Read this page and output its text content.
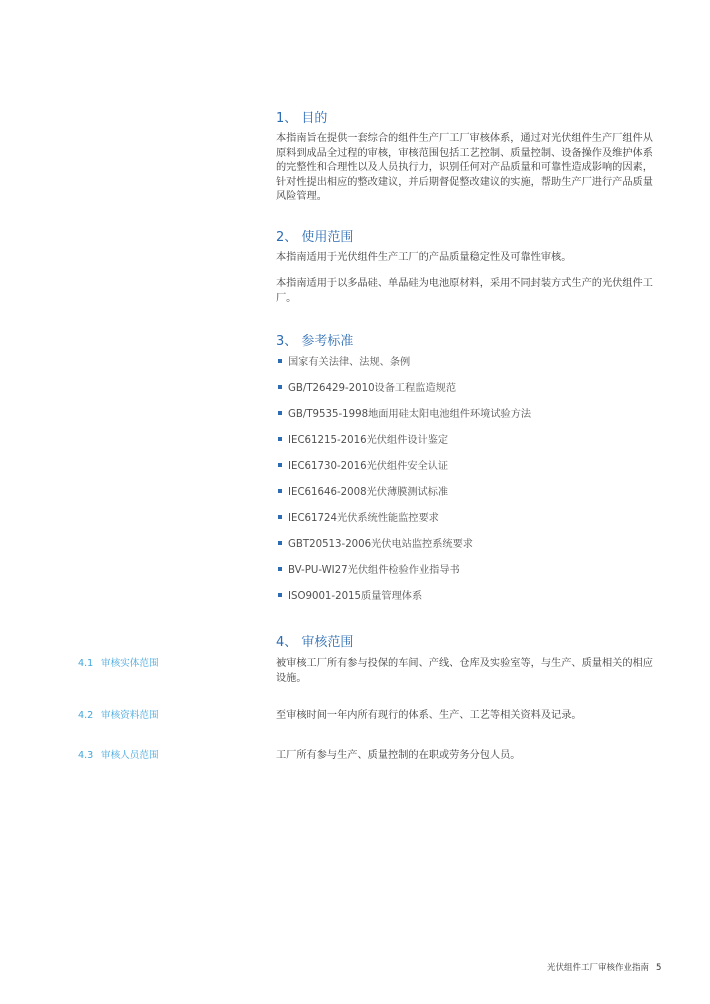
1、 目的

本指南旨在提供一套综合的组件生产厂工厂审核体系，通过对光伏组件生产厂组件从原料到成品全过程的审核，审核范围包括工艺控制、质量控制、设备操作及维护体系的完整性和合理性以及人员执行力，识别任何对产品质量和可靠性造成影响的因素，针对性提出相应的整改建议，并后期督促整改建议的实施，帮助生产厂进行产品质量风险管理。

2、 使用范围

本指南适用于光伏组件生产工厂的产品质量稳定性及可靠性审核。

本指南适用于以多晶硅、单晶硅为电池原材料，采用不同封装方式生产的光伏组件工厂。

3、 参考标准
国家有关法律、法规、条例
GB/T26429-2010设备工程监造规范
GB/T9535-1998地面用硅太阳电池组件环境试验方法
IEC61215-2016光伏组件设计鉴定
IEC61730-2016光伏组件安全认证
IEC61646-2008光伏薄膜测试标准
IEC61724光伏系统性能监控要求
GBT20513-2006光伏电站监控系统要求
BV-PU-WI27光伏组件检验作业指导书
ISO9001-2015质量管理体系
4、 审核范围
4.1 审核实体范围	被审核工厂所有参与投保的车间、产线、仓库及实验室等，与生产、质量相关的相应设施。

4.2 审核资料范围	至审核时间一年内所有现行的体系、生产、工艺等相关资料及记录。

4.3 审核人员范围	工厂所有参与生产、质量控制的在职或劳务分包人员。

光伏组件工厂审核作业指南 5
